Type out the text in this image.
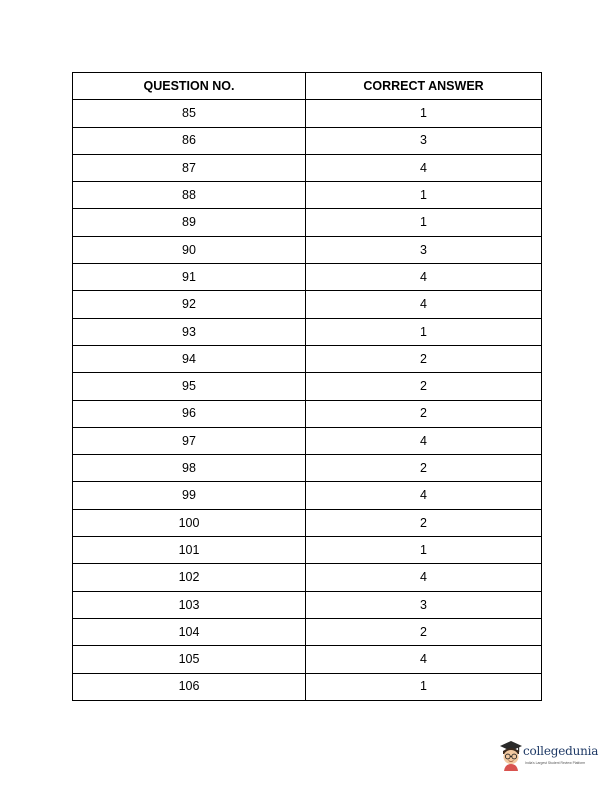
QUESTION NO.	CORRECT ANSWER
85	1
86	3
87	4
88	1
89	1
90	3
91	4
92	4
93	1
94	2
95	2
96	2
97	4
98	2
99	4
100	2
101	1
102	4
103	3
104	2
105	4
106	1
collegedunia
India's Largest Student Review Platform
